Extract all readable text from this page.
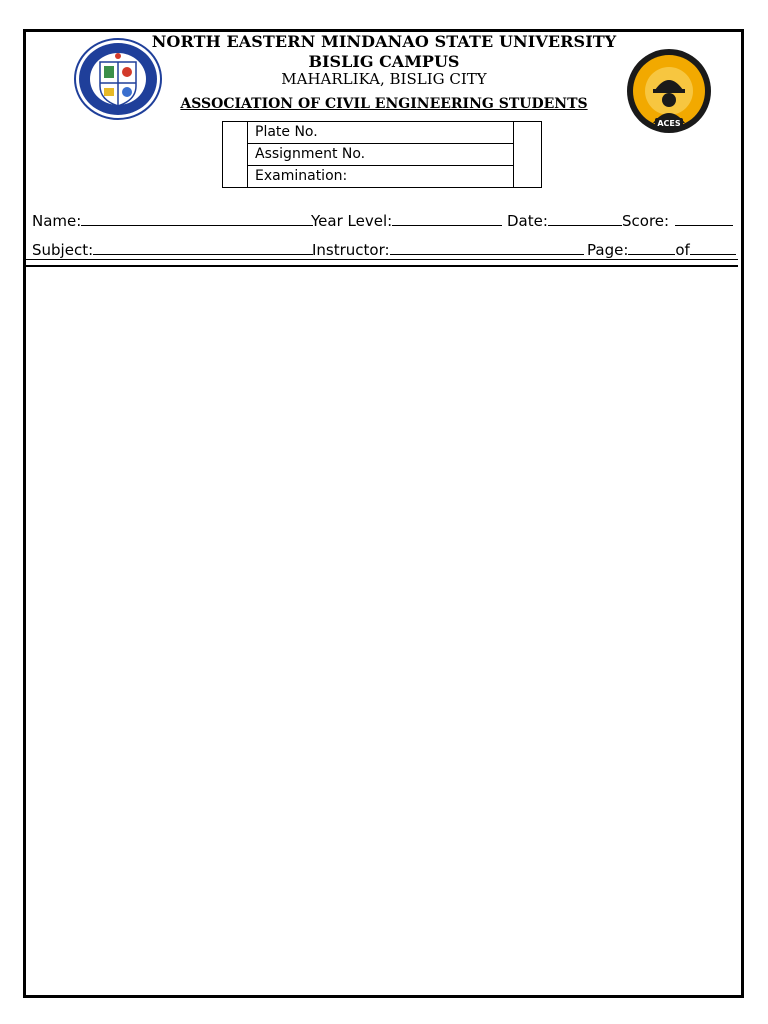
ACES
NORTH EASTERN MINDANAO STATE UNIVERSITY
BISLIG CAMPUS
MAHARLIKA, BISLIG CITY
ASSOCIATION OF CIVIL ENGINEERING STUDENTS
Plate No.
Assignment No.
Examination:
Name:	Year Level:	Date:	Score:
Subject:	Instructor:	Page:	of
